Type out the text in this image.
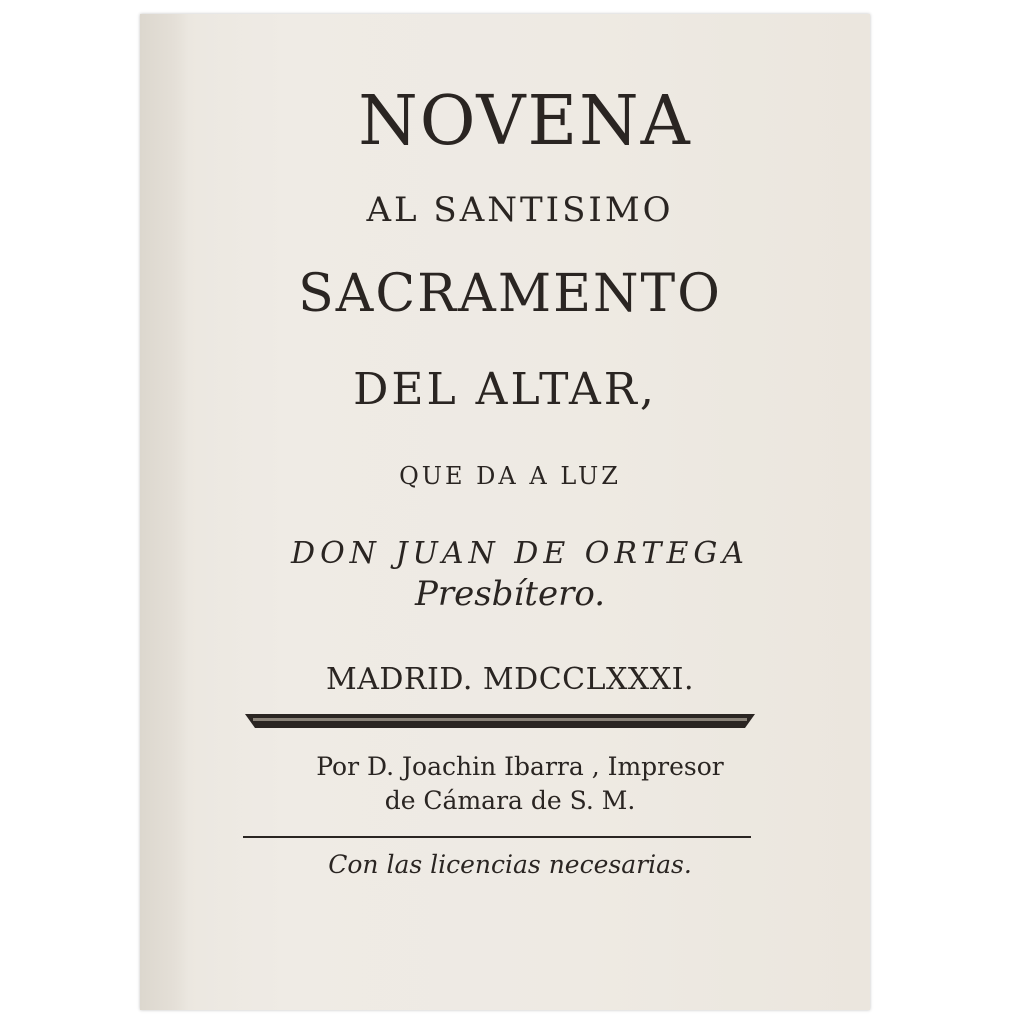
NOVENA
AL SANTISIMO
SACRAMENTO
DEL ALTAR,
QUE DA A LUZ
DON JUAN DE ORTEGA
Presbítero.
MADRID. MDCCLXXXI.
Por D. Joachin Ibarra , Impresor
de Cámara de S. M.
Con las licencias necesarias.
